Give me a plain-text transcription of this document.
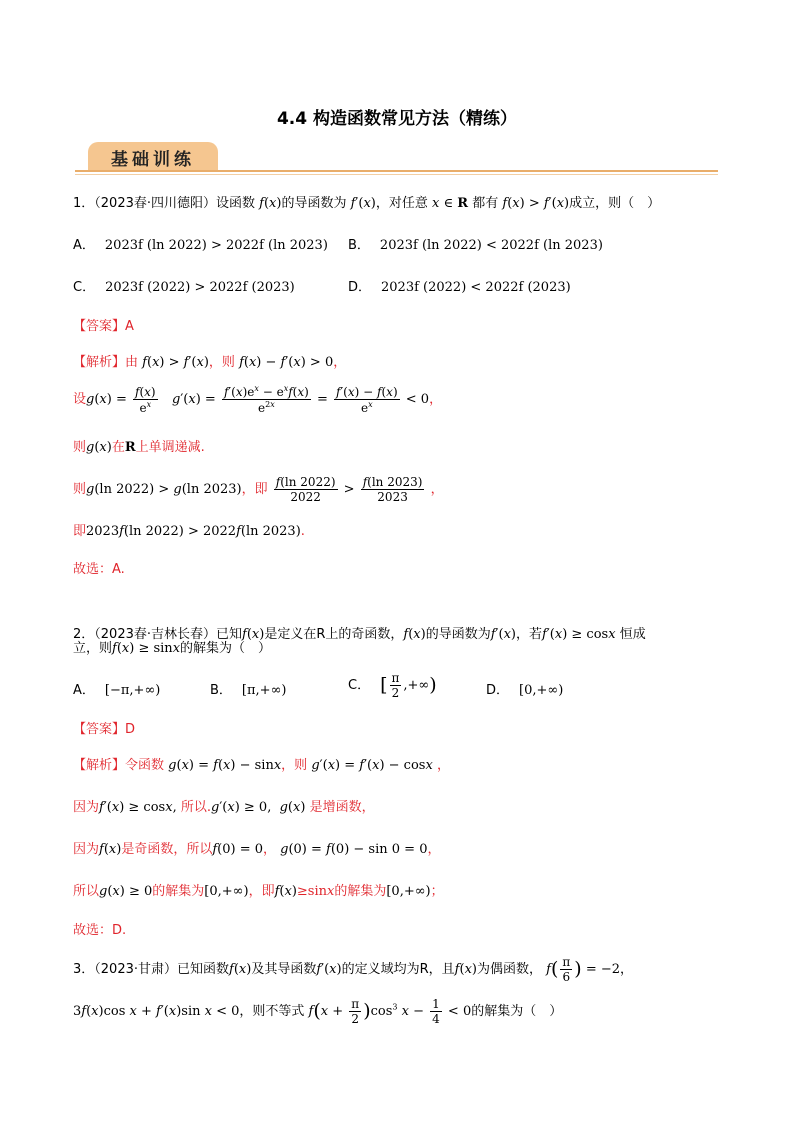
4.4 构造函数常见方法（精练）
基础训练
1．（2023春·四川德阳）设函数 f(x)的导函数为 f′(x)，对任意 x ∈ R 都有 f(x) > f′(x)成立，则（　）
A． 2023f (ln 2022) > 2022f (ln 2023) B． 2023f (ln 2022) < 2022f (ln 2023)
C． 2023f (2022) > 2022f (2023)	D． 2023f (2022) < 2022f (2023)
【答案】A
【解析】由 f(x) > f′(x)，则 f(x) − f′(x) > 0，
设$g(x) = \frac{f(x)}{e^x} g'(x) = \frac{f'(x)e^x - e^xf(x)}{e^{2x}} = \frac{f'(x) - f(x)}{e^x} < 0$，
则g(x)在R上单调递减.
则g(ln 2022) > g(ln 2023)，即 $\frac{f(\ln 2022)}{2022} > \frac{f(\ln 2023)}{2023}$ ，
即2023f(ln 2022) > 2022f(ln 2023).
故选：A.
2．（2023春·吉林长春）已知f(x)是定义在R上的奇函数，f(x)的导函数为f′(x)，若f′(x) ≥ cosx 恒成
立，则f(x) ≥ sinx的解集为（　）
A． [−π,+∞)	B． [π,+∞)	C． [ $\frac{\pi}{2}$ ,+∞)	D． [0,+∞)
【答案】D
【解析】令函数 g(x) = f(x) − sinx，则 g′(x) = f′(x) − cosx ，
因为f′(x) ≥ cosx, 所以.g′(x) ≥ 0,  g(x) 是增函数，
因为f(x)是奇函数，所以f(0) = 0， g(0) = f(0) − sin 0 = 0，
所以g(x) ≥ 0的解集为[0,+∞)，即f(x)≥sinx的解集为[0,+∞)；
故选：D.
3．（2023·甘肃）已知函数f(x)及其导函数f′(x)的定义域均为R，且f(x)为偶函数， $f( \frac{\pi}{6}$ ) = −2，
3f(x)cos x + f′(x)sin x < 0，则不等式 $f(x + \frac{\pi}{2} )\cos^3$ $x - \frac{1}{4} < 0$的解集为（　）
